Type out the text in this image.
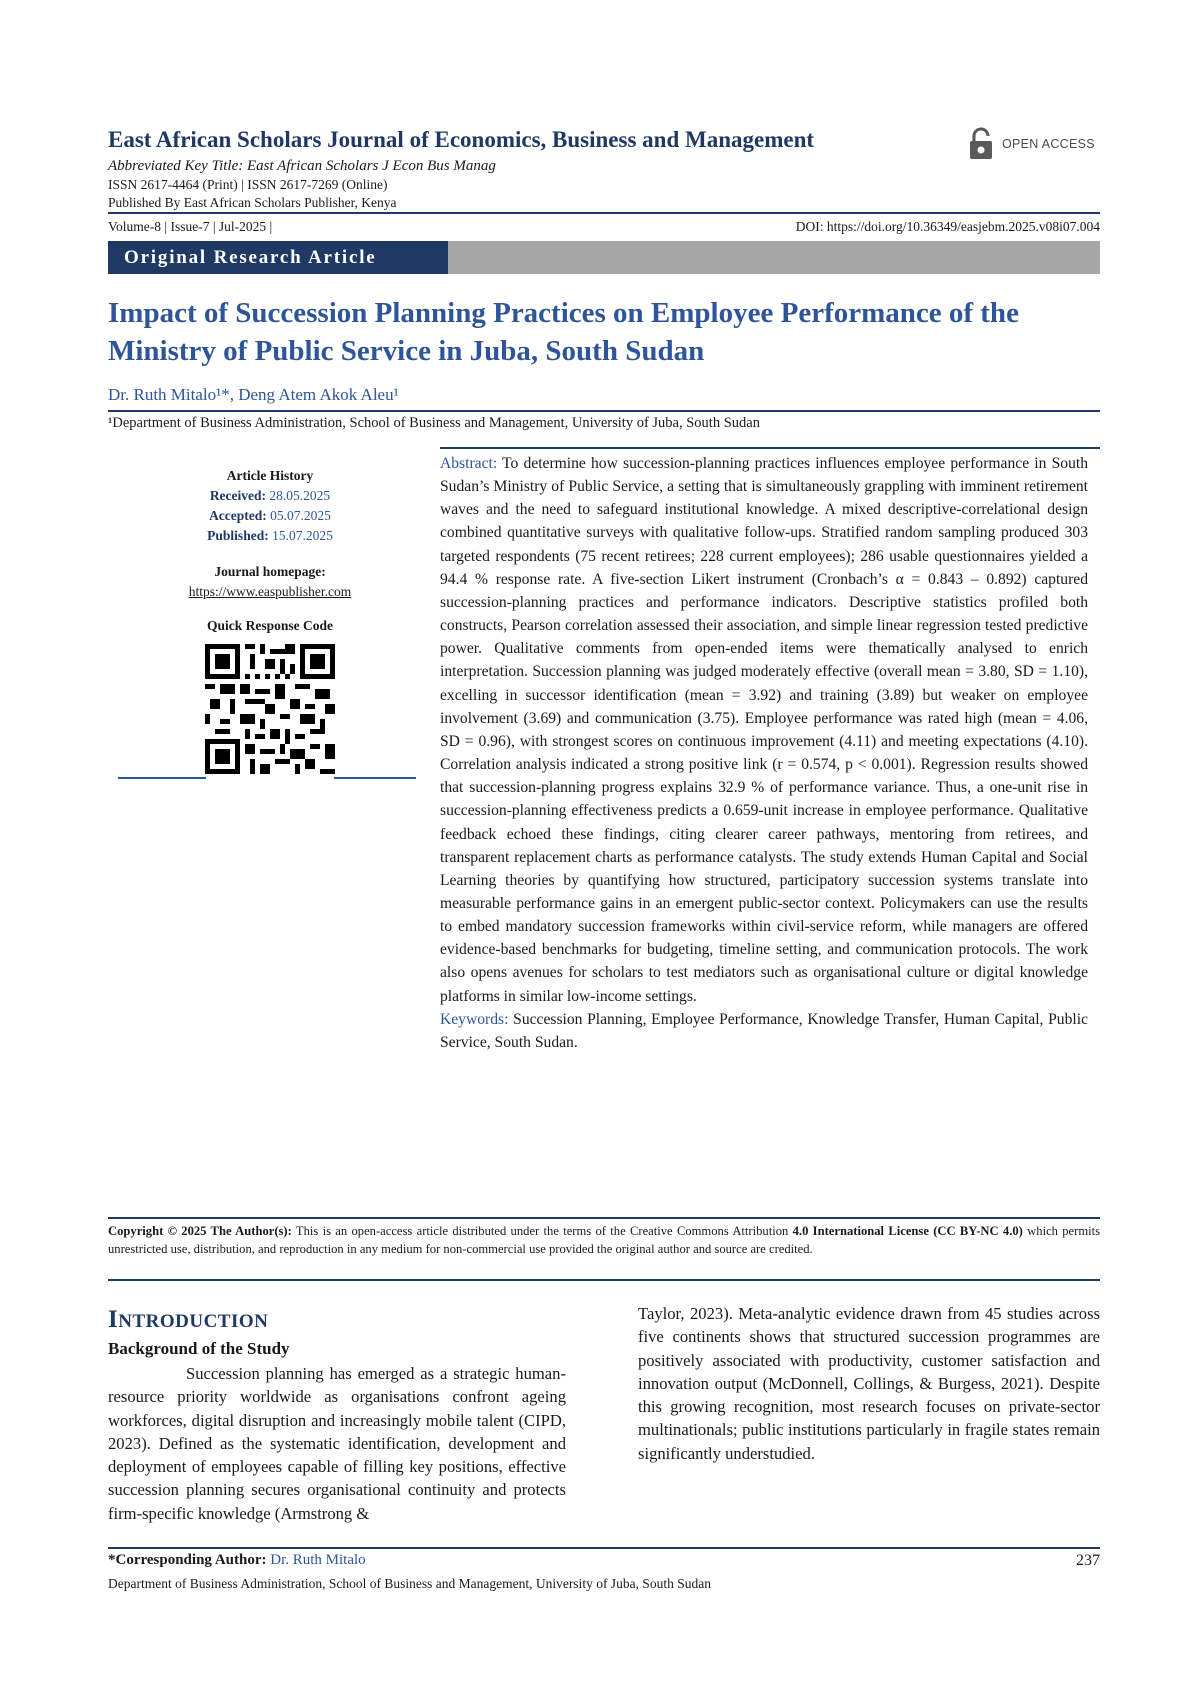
East African Scholars Journal of Economics, Business and Management
Abbreviated Key Title: East African Scholars J Econ Bus Manag
ISSN 2617-4464 (Print) | ISSN 2617-7269 (Online)
Published By East African Scholars Publisher, Kenya
OPEN ACCESS
Volume-8 | Issue-7 | Jul-2025 |	DOI: https://doi.org/10.36349/easjebm.2025.v08i07.004
Original Research Article
Impact of Succession Planning Practices on Employee Performance of the Ministry of Public Service in Juba, South Sudan
Dr. Ruth Mitalo¹*, Deng Atem Akok Aleu¹
¹Department of Business Administration, School of Business and Management, University of Juba, South Sudan
Article History
Received: 28.05.2025
Accepted: 05.07.2025
Published: 15.07.2025
Journal homepage:
https://www.easpublisher.com
Quick Response Code
Abstract: To determine how succession-planning practices influences employee performance in South Sudan’s Ministry of Public Service, a setting that is simultaneously grappling with imminent retirement waves and the need to safeguard institutional knowledge. A mixed descriptive-correlational design combined quantitative surveys with qualitative follow-ups. Stratified random sampling produced 303 targeted respondents (75 recent retirees; 228 current employees); 286 usable questionnaires yielded a 94.4 % response rate. A five-section Likert instrument (Cronbach’s α = 0.843 – 0.892) captured succession-planning practices and performance indicators. Descriptive statistics profiled both constructs, Pearson correlation assessed their association, and simple linear regression tested predictive power. Qualitative comments from open-ended items were thematically analysed to enrich interpretation. Succession planning was judged moderately effective (overall mean = 3.80, SD = 1.10), excelling in successor identification (mean = 3.92) and training (3.89) but weaker on employee involvement (3.69) and communication (3.75). Employee performance was rated high (mean = 4.06, SD = 0.96), with strongest scores on continuous improvement (4.11) and meeting expectations (4.10). Correlation analysis indicated a strong positive link (r = 0.574, p < 0.001). Regression results showed that succession-planning progress explains 32.9 % of performance variance. Thus, a one-unit rise in succession-planning effectiveness predicts a 0.659-unit increase in employee performance. Qualitative feedback echoed these findings, citing clearer career pathways, mentoring from retirees, and transparent replacement charts as performance catalysts. The study extends Human Capital and Social Learning theories by quantifying how structured, participatory succession systems translate into measurable performance gains in an emergent public-sector context. Policymakers can use the results to embed mandatory succession frameworks within civil-service reform, while managers are offered evidence-based benchmarks for budgeting, timeline setting, and communication protocols. The work also opens avenues for scholars to test mediators such as organisational culture or digital knowledge platforms in similar low-income settings.
Keywords: Succession Planning, Employee Performance, Knowledge Transfer, Human Capital, Public Service, South Sudan.
Copyright © 2025 The Author(s): This is an open-access article distributed under the terms of the Creative Commons Attribution 4.0 International License (CC BY-NC 4.0) which permits unrestricted use, distribution, and reproduction in any medium for non-commercial use provided the original author and source are credited.
INTRODUCTION
Background of the Study

Succession planning has emerged as a strategic human-resource priority worldwide as organisations confront ageing workforces, digital disruption and increasingly mobile talent (CIPD, 2023). Defined as the systematic identification, development and deployment of employees capable of filling key positions, effective succession planning secures organisational continuity and protects firm-specific knowledge (Armstrong &

Taylor, 2023). Meta-analytic evidence drawn from 45 studies across five continents shows that structured succession programmes are positively associated with productivity, customer satisfaction and innovation output (McDonnell, Collings, & Burgess, 2021). Despite this growing recognition, most research focuses on private-sector multinationals; public institutions particularly in fragile states remain significantly understudied.

*Corresponding Author: Dr. Ruth Mitalo	237
Department of Business Administration, School of Business and Management, University of Juba, South Sudan
